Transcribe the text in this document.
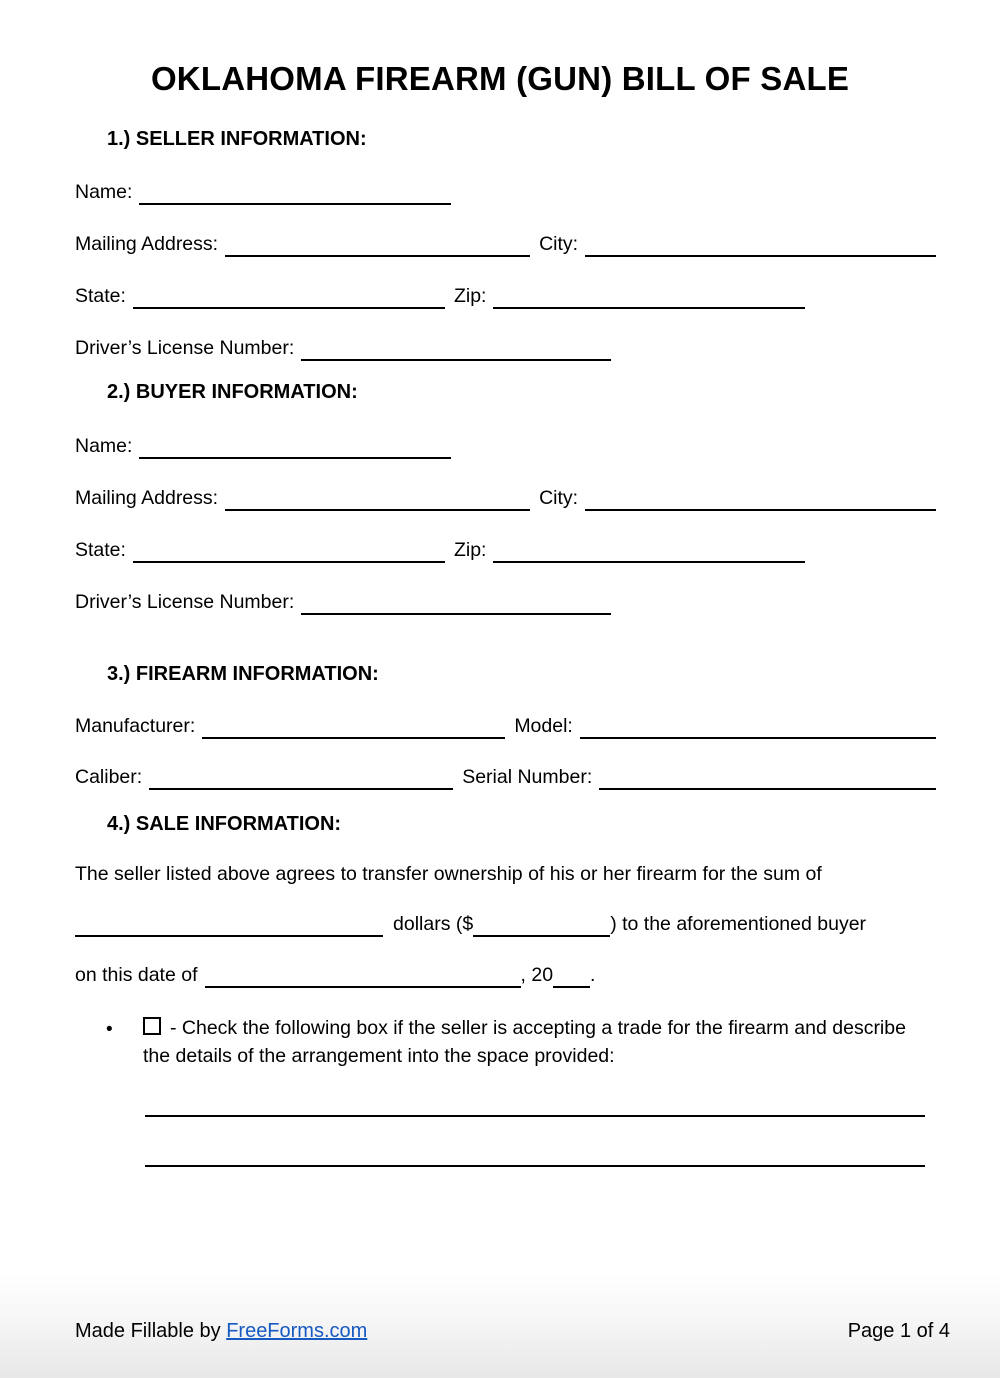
OKLAHOMA FIREARM (GUN) BILL OF SALE
1.) SELLER INFORMATION:
Name:
Mailing Address:	City:
State:	Zip:
Driver’s License Number:
2.) BUYER INFORMATION:
Name:
Mailing Address:	City:
State:	Zip:
Driver’s License Number:
3.) FIREARM INFORMATION:
Manufacturer:	Model:
Caliber:	Serial Number:
4.) SALE INFORMATION:
The seller listed above agrees to transfer ownership of his or her firearm for the sum of
dollars ($	) to the aforementioned buyer
on this date of	, 20 .
•	- Check the following box if the seller is accepting a trade for the firearm and describe the details of the arrangement into the space provided:
Made Fillable by FreeForms.com	Page 1 of 4
